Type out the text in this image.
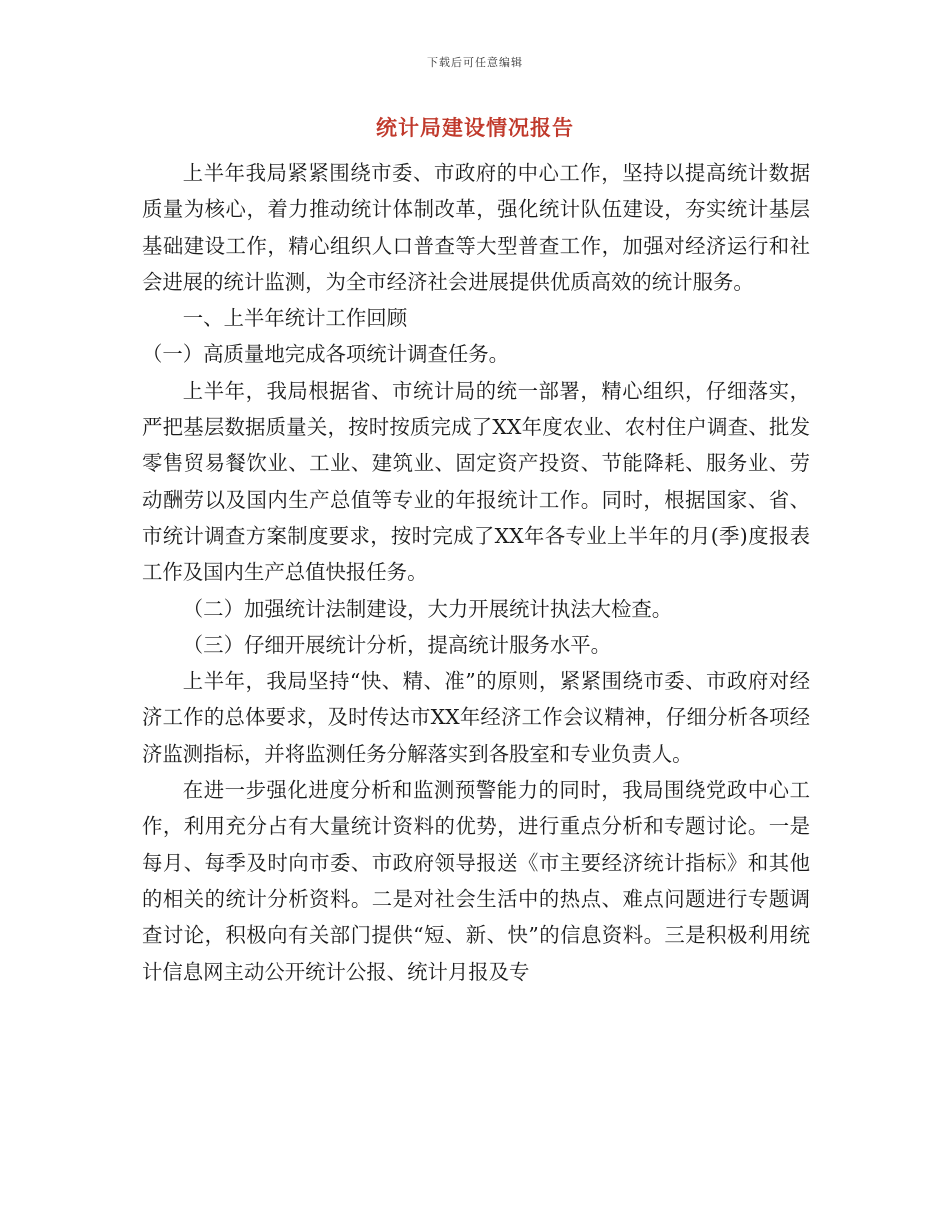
下载后可任意编辑
统计局建设情况报告

上半年我局紧紧围绕市委、市政府的中心工作，坚持以提高统计数据质量为核心，着力推动统计体制改革，强化统计队伍建设，夯实统计基层基础建设工作，精心组织人口普查等大型普查工作，加强对经济运行和社会进展的统计监测，为全市经济社会进展提供优质高效的统计服务。

一、上半年统计工作回顾

（一）高质量地完成各项统计调查任务。

上半年，我局根据省、市统计局的统一部署，精心组织，仔细落实，严把基层数据质量关，按时按质完成了XX年度农业、农村住户调查、批发零售贸易餐饮业、工业、建筑业、固定资产投资、节能降耗、服务业、劳动酬劳以及国内生产总值等专业的年报统计工作。同时，根据国家、省、市统计调查方案制度要求，按时完成了XX年各专业上半年的月(季)度报表工作及国内生产总值快报任务。

（二）加强统计法制建设，大力开展统计执法大检查。

（三）仔细开展统计分析，提高统计服务水平。

上半年，我局坚持“快、精、准”的原则，紧紧围绕市委、市政府对经济工作的总体要求，及时传达市XX年经济工作会议精神，仔细分析各项经济监测指标，并将监测任务分解落实到各股室和专业负责人。

在进一步强化进度分析和监测预警能力的同时，我局围绕党政中心工作，利用充分占有大量统计资料的优势，进行重点分析和专题讨论。一是每月、每季及时向市委、市政府领导报送《市主要经济统计指标》和其他的相关的统计分析资料。二是对社会生活中的热点、难点问题进行专题调查讨论，积极向有关部门提供“短、新、快”的信息资料。三是积极利用统计信息网主动公开统计公报、统计月报及专
